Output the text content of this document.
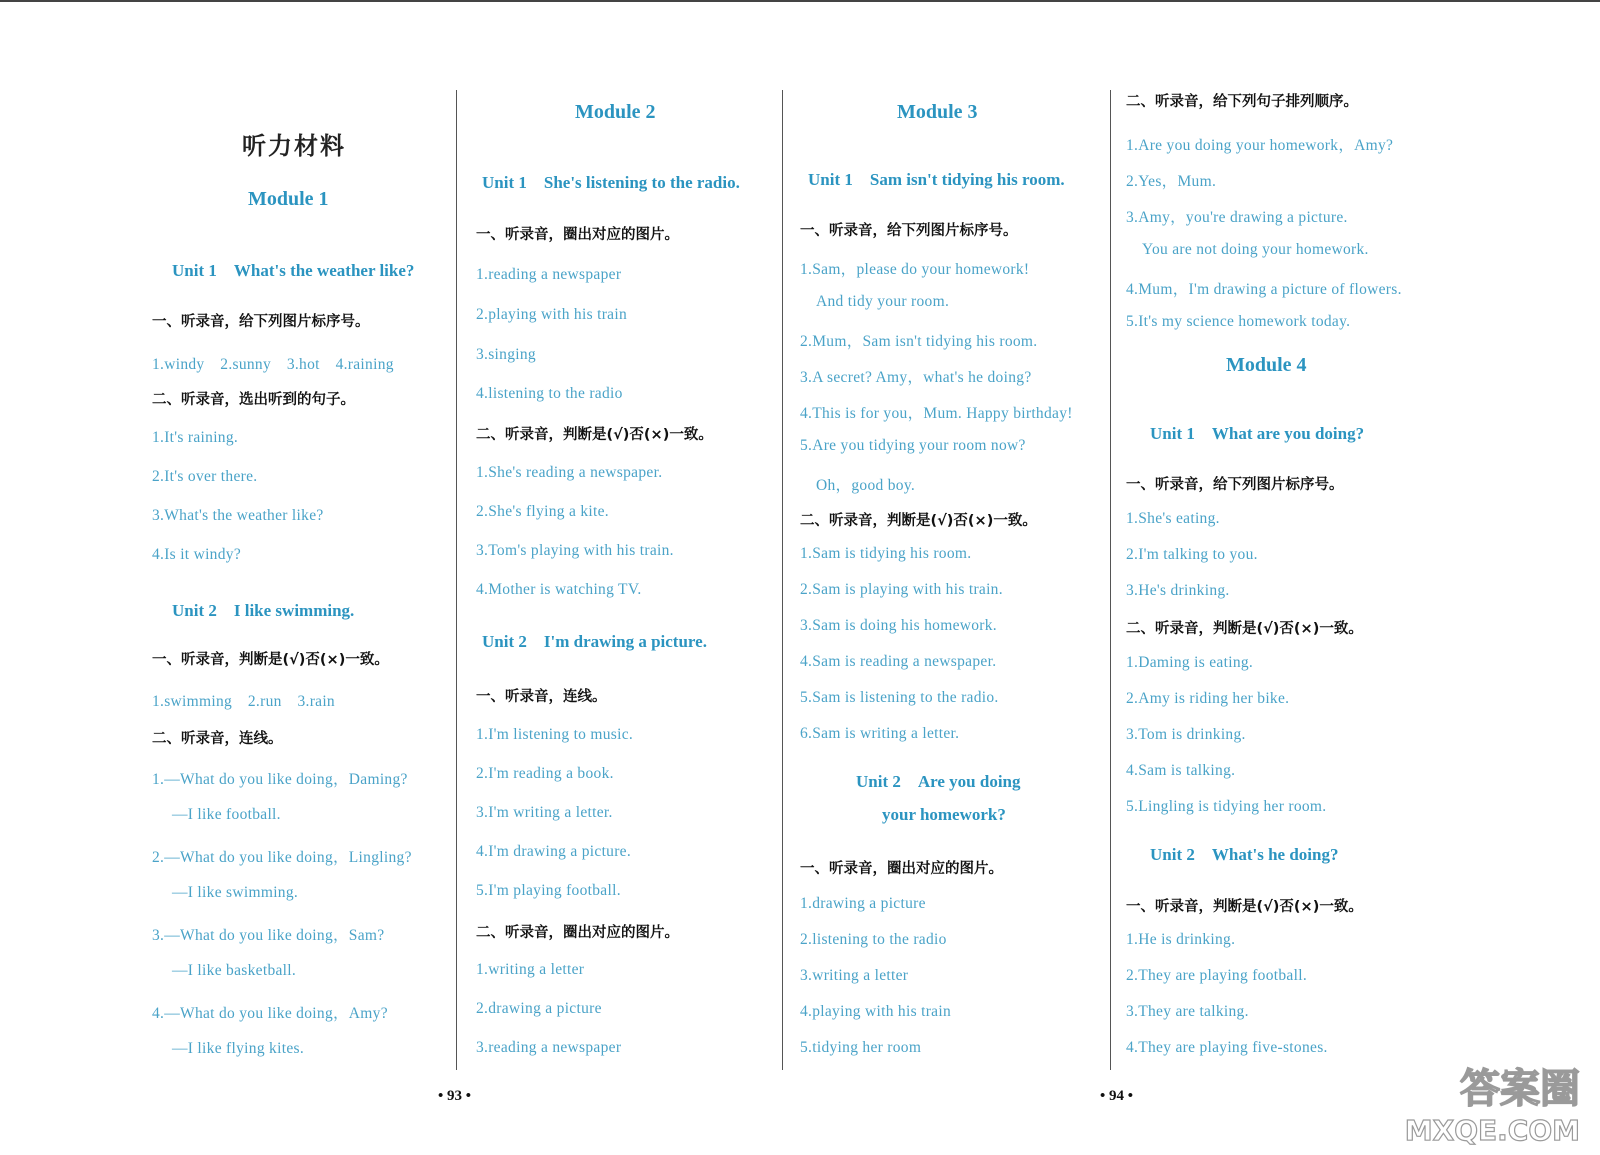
听力材料
Module 1
Unit 1　What's the weather like?
一、听录音，给下列图片标序号。
1.windy　2.sunny　3.hot　4.raining
二、听录音，选出听到的句子。
1.It's raining.
2.It's over there.
3.What's the weather like?
4.Is it windy?
Unit 2　I like swimming.
一、听录音，判断是(√)否(×)一致。
1.swimming　2.run　3.rain
二、听录音，连线。
1.—What do you like doing，Daming?
—I like football.
2.—What do you like doing，Lingling?
—I like swimming.
3.—What do you like doing，Sam?
—I like basketball.
4.—What do you like doing，Amy?
—I like flying kites.
Module 2
Unit 1　She's listening to the radio.
一、听录音，圈出对应的图片。
1.reading a newspaper
2.playing with his train
3.singing
4.listening to the radio
二、听录音，判断是(√)否(×)一致。
1.She's reading a newspaper.
2.She's flying a kite.
3.Tom's playing with his train.
4.Mother is watching TV.
Unit 2　I'm drawing a picture.
一、听录音，连线。
1.I'm listening to music.
2.I'm reading a book.
3.I'm writing a letter.
4.I'm drawing a picture.
5.I'm playing football.
二、听录音，圈出对应的图片。
1.writing a letter
2.drawing a picture
3.reading a newspaper
Module 3
Unit 1　Sam isn't tidying his room.
一、听录音，给下列图片标序号。
1.Sam，please do your homework!
And tidy your room.
2.Mum，Sam isn't tidying his room.
3.A secret? Amy，what's he doing?
4.This is for you，Mum. Happy birthday!
5.Are you tidying your room now?
Oh，good boy.
二、听录音，判断是(√)否(×)一致。
1.Sam is tidying his room.
2.Sam is playing with his train.
3.Sam is doing his homework.
4.Sam is reading a newspaper.
5.Sam is listening to the radio.
6.Sam is writing a letter.
Unit 2　Are you doing
your homework?
一、听录音，圈出对应的图片。
1.drawing a picture
2.listening to the radio
3.writing a letter
4.playing with his train
5.tidying her room
二、听录音，给下列句子排列顺序。
1.Are you doing your homework，Amy?
2.Yes，Mum.
3.Amy，you're drawing a picture.
You are not doing your homework.
4.Mum，I'm drawing a picture of flowers.
5.It's my science homework today.
Module 4
Unit 1　What are you doing?
一、听录音，给下列图片标序号。
1.She's eating.
2.I'm talking to you.
3.He's drinking.
二、听录音，判断是(√)否(×)一致。
1.Daming is eating.
2.Amy is riding her bike.
3.Tom is drinking.
4.Sam is talking.
5.Lingling is tidying her room.
Unit 2　What's he doing?
一、听录音，判断是(√)否(×)一致。
1.He is drinking.
2.They are playing football.
3.They are talking.
4.They are playing five-stones.
• 93 •	• 94 •	答案圈
MXQE.COM
